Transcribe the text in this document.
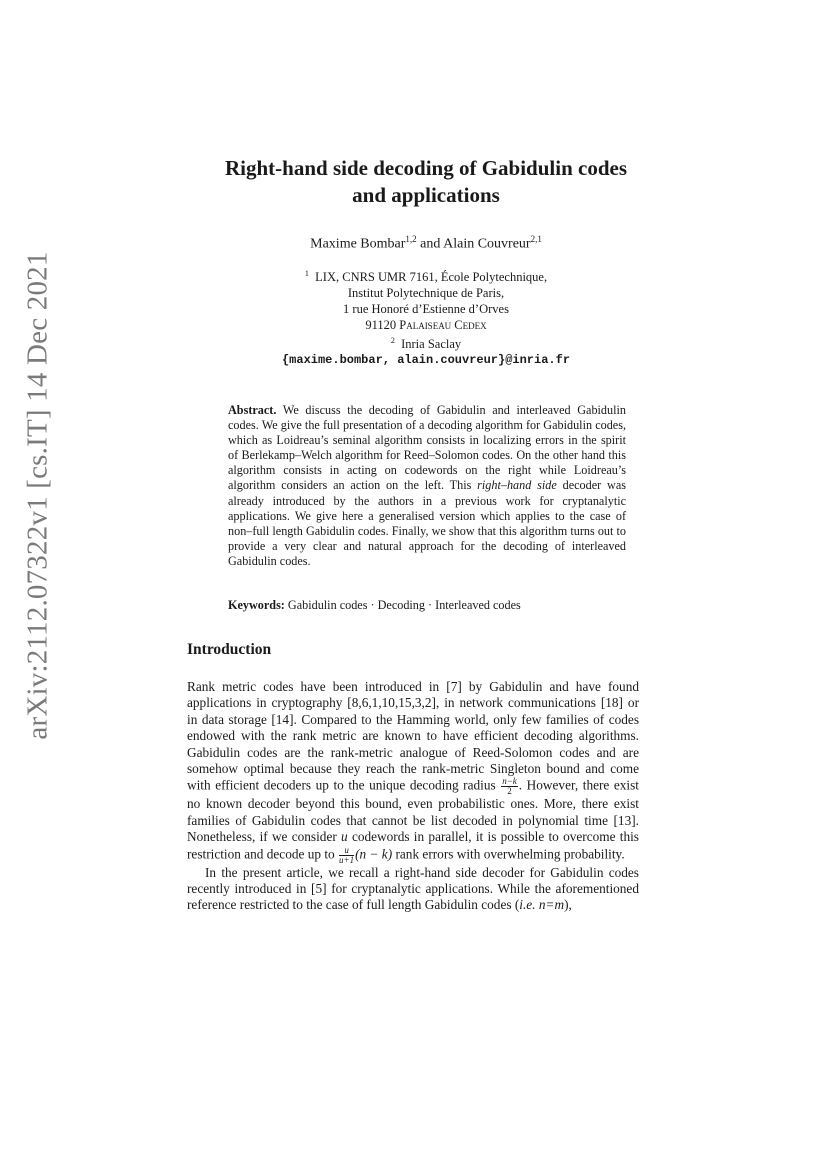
arXiv:2112.07322v1 [cs.IT] 14 Dec 2021
Right-hand side decoding of Gabidulin codes
and applications
Maxime Bombar$^{1,2}$ and Alain Couvreur$^{2,1}$
$^1$ LIX, CNRS UMR 7161, École Polytechnique,
Institut Polytechnique de Paris,
1 rue Honoré d’Estienne d’Orves
91120 Palaiseau Cedex
$^2$ Inria Saclay
{maxime.bombar, alain.couvreur}@inria.fr
Abstract. We discuss the decoding of Gabidulin and interleaved Gabidulin codes. We give the full presentation of a decoding algorithm for Gabidulin codes, which as Loidreau’s seminal algorithm consists in localizing errors in the spirit of Berlekamp–Welch algorithm for Reed–Solomon codes. On the other hand this algorithm consists in acting on codewords on the right while Loidreau’s algorithm considers an action on the left. This right–hand side decoder was already introduced by the authors in a previous work for cryptanalytic applications. We give here a generalised version which applies to the case of non–full length Gabidulin codes. Finally, we show that this algorithm turns out to provide a very clear and natural approach for the decoding of interleaved Gabidulin codes.
Keywords: Gabidulin codes · Decoding · Interleaved codes
Introduction

Rank metric codes have been introduced in [7] by Gabidulin and have found applications in cryptography [8,6,1,10,15,3,2], in network communications [18] or in data storage [14]. Compared to the Hamming world, only few families of codes endowed with the rank metric are known to have efficient decoding algorithms. Gabidulin codes are the rank-metric analogue of Reed-Solomon codes and are somehow optimal because they reach the rank-metric Singleton bound and come with efficient decoders up to the unique decoding radius $\frac{n-k}{2}$ . However, there exist no known decoder beyond this bound, even probabilistic ones. More, there exist families of Gabidulin codes that cannot be list decoded in polynomial time [13]. Nonetheless, if we consider u codewords in parallel, it is possible to overcome this restriction and decode up to $\frac{u}{u+1} (n - k)$ rank errors with overwhelming probability.

In the present article, we recall a right-hand side decoder for Gabidulin codes recently introduced in [5] for cryptanalytic applications. While the aforementioned reference restricted to the case of full length Gabidulin codes (i.e. n=m),
